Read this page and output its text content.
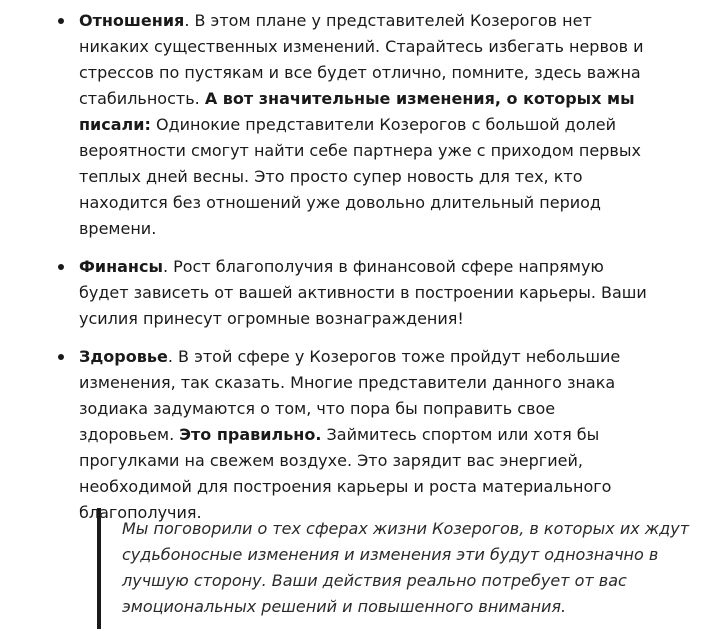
Отношения. В этом плане у представителей Козерогов нет никаких существенных изменений. Старайтесь избегать нервов и стрессов по пустякам и все будет отлично, помните, здесь важна стабильность. А вот значительные изменения, о которых мы писали: Одинокие представители Козерогов с большой долей вероятности смогут найти себе партнера уже с приходом первых теплых дней весны. Это просто супер новость для тех, кто находится без отношений уже довольно длительный период времени.
Финансы. Рост благополучия в финансовой сфере напрямую будет зависеть от вашей активности в построении карьеры. Ваши усилия принесут огромные вознаграждения!
Здоровье. В этой сфере у Козерогов тоже пройдут небольшие изменения, так сказать. Многие представители данного знака зодиака задумаются о том, что пора бы поправить свое здоровьем. Это правильно. Займитесь спортом или хотя бы прогулками на свежем воздухе. Это зарядит вас энергией, необходимой для построения карьеры и роста материального благополучия.

Мы поговорили о тех сферах жизни Козерогов, в которых их ждут судьбоносные изменения и изменения эти будут однозначно в лучшую сторону. Ваши действия реально потребует от вас эмоциональных решений и повышенного внимания.
